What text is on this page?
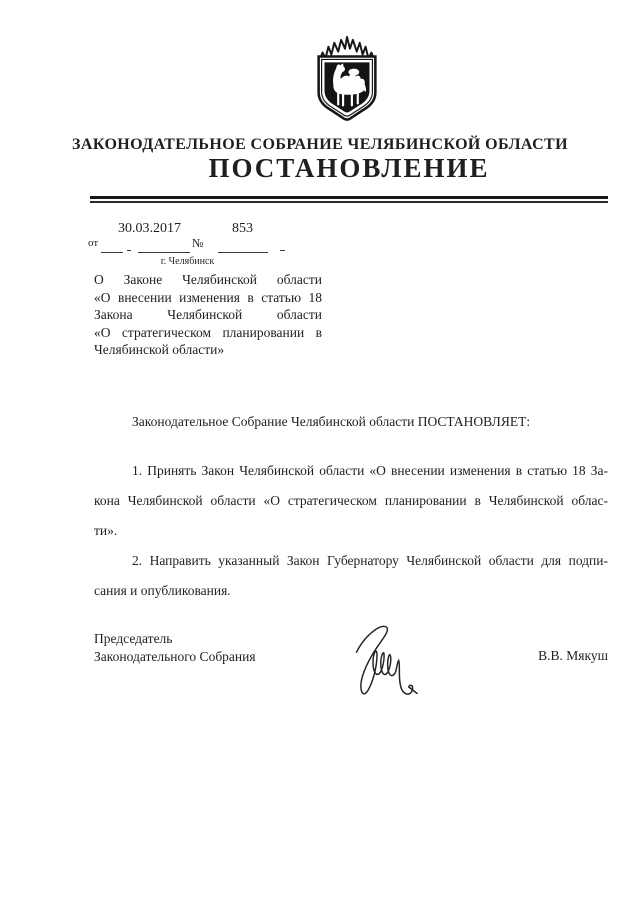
ЗАКОНОДАТЕЛЬНОЕ СОБРАНИЕ ЧЕЛЯБИНСКОЙ ОБЛАСТИ
ПОСТАНОВЛЕНИЕ
30.03.2017
от	№
853
г. Челябинск
О Законе Челябинской области
«О внесении изменения в статью 18
Закона Челябинской области
«О стратегическом планировании в
Челябинской области»
Законодательное Собрание Челябинской области ПОСТАНОВЛЯЕТ:
1. Принять Закон Челябинской области «О внесении изменения в статью 18 За-
кона Челябинской области «О стратегическом планировании в Челябинской облас-
ти».
2. Направить указанный Закон Губернатору Челябинской области для подпи-
сания и опубликования.
Председатель
Законодательного Собрания	В.В. Мякуш
